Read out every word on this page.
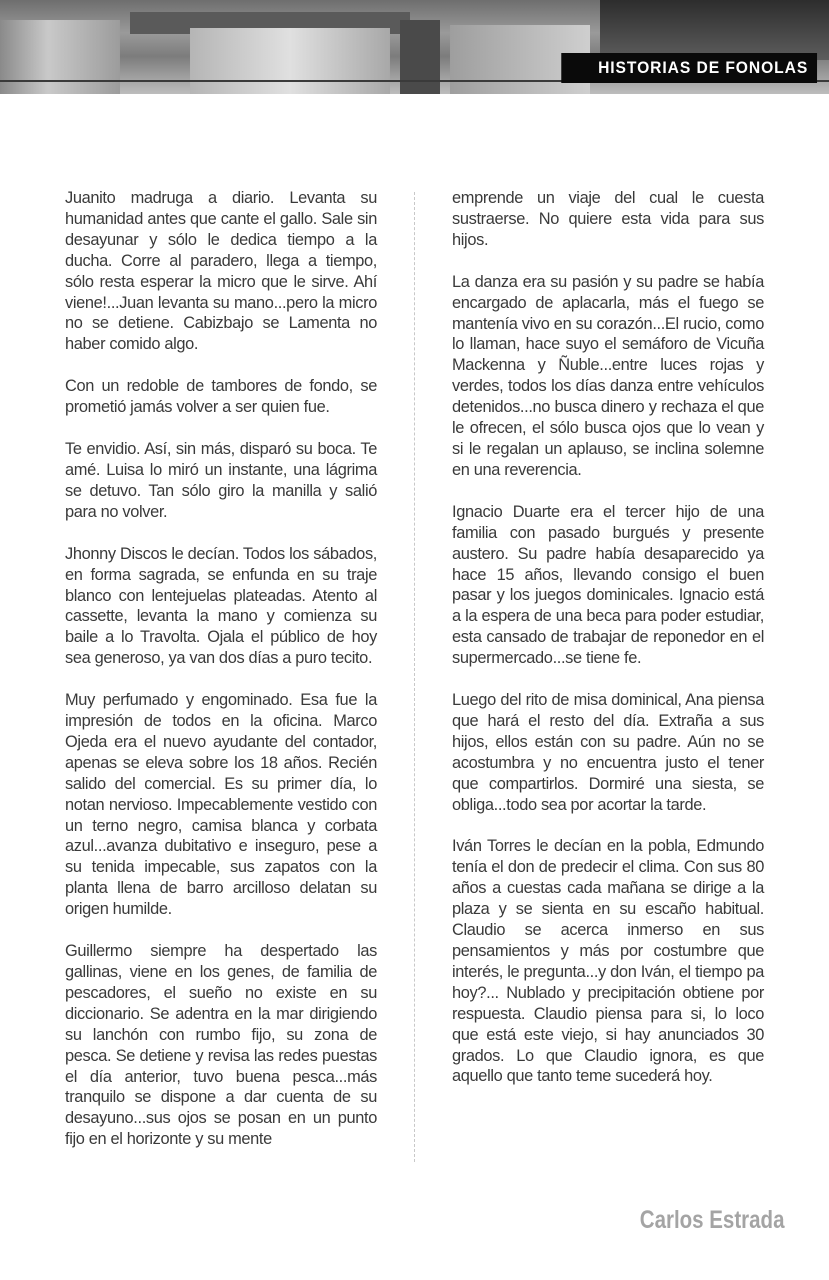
HISTORIAS DE FONOLAS

Juanito madruga a diario. Levanta su humanidad antes que cante el gallo. Sale sin desayunar y sólo le dedica tiempo a la ducha. Corre al paradero, llega a tiempo, sólo resta esperar la micro que le sirve. Ahí viene!...Juan levanta su mano...pero la micro no se detiene. Cabizbajo se Lamenta no haber comido algo.

Con un redoble de tambores de fondo, se prometió jamás volver a ser quien fue.

Te envidio. Así, sin más, disparó su boca. Te amé. Luisa lo miró un instante, una lágrima se detuvo. Tan sólo giro la manilla y salió para no volver.

Jhonny Discos le decían. Todos los sábados, en forma sagrada, se enfunda en su traje blanco con lentejuelas plateadas. Atento al cassette, levanta la mano y comienza su baile a lo Travolta. Ojala el público de hoy sea generoso, ya van dos días a puro tecito.

Muy perfumado y engominado. Esa fue la impresión de todos en la oficina. Marco Ojeda era el nuevo ayudante del contador, apenas se eleva sobre los 18 años. Recién salido del comercial. Es su primer día, lo notan nervioso. Impecablemente vestido con un terno negro, camisa blanca y corbata azul...avanza dubitativo e inseguro, pese a su tenida impecable, sus zapatos con la planta llena de barro arcilloso delatan su origen humilde.

Guillermo siempre ha despertado las gallinas, viene en los genes, de familia de pescadores, el sueño no existe en su diccionario. Se adentra en la mar dirigiendo su lanchón con rumbo fijo, su zona de pesca. Se detiene y revisa las redes puestas el día anterior, tuvo buena pesca...más tranquilo se dispone a dar cuenta de su desayuno...sus ojos se posan en un punto fijo en el horizonte y su mente

emprende un viaje del cual le cuesta sustraerse. No quiere esta vida para sus hijos.

La danza era su pasión y su padre se había encargado de aplacarla, más el fuego se mantenía vivo en su corazón...El rucio, como lo llaman, hace suyo el semáforo de Vicuña Mackenna y Ñuble...entre luces rojas y verdes, todos los días danza entre vehículos detenidos...no busca dinero y rechaza el que le ofrecen, el sólo busca ojos que lo vean y si le regalan un aplauso, se inclina solemne en una reverencia.

Ignacio Duarte era el tercer hijo de una familia con pasado burgués y presente austero. Su padre había desaparecido ya hace 15 años, llevando consigo el buen pasar y los juegos dominicales. Ignacio está a la espera de una beca para poder estudiar, esta cansado de trabajar de reponedor en el supermercado...se tiene fe.

Luego del rito de misa dominical, Ana piensa que hará el resto del día. Extraña a sus hijos, ellos están con su padre. Aún no se acostumbra y no encuentra justo el tener que compartirlos. Dormiré una siesta, se obliga...todo sea por acortar la tarde.

Iván Torres le decían en la pobla, Edmundo tenía el don de predecir el clima. Con sus 80 años a cuestas cada mañana se dirige a la plaza y se sienta en su escaño habitual. Claudio se acerca inmerso en sus pensamientos y más por costumbre que interés, le pregunta...y don Iván, el tiempo pa hoy?... Nublado y precipitación obtiene por respuesta. Claudio piensa para si, lo loco que está este viejo, si hay anunciados 30 grados. Lo que Claudio ignora, es que aquello que tanto teme sucederá hoy.

Carlos Estrada
